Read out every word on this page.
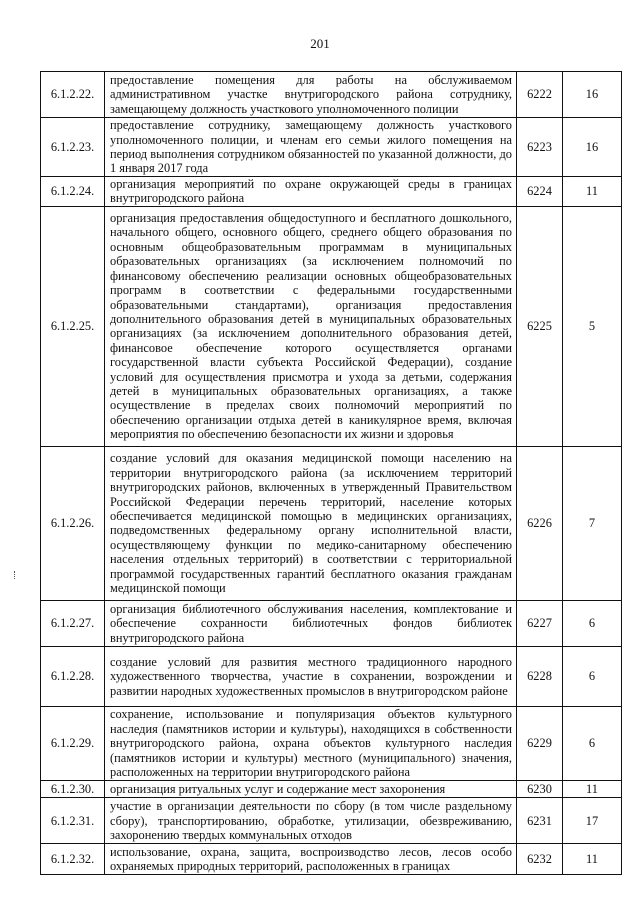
201
6.1.2.22.	предоставление помещения для работы на обслуживаемом административном участке внутригородского района сотруднику, замещающему должность участкового уполномоченного полиции	6222	16
6.1.2.23.	предоставление сотруднику, замещающему должность участкового уполномоченного полиции, и членам его семьи жилого помещения на период выполнения сотрудником обязанностей по указанной должности, до 1 января 2017 года	6223	16
6.1.2.24.	организация мероприятий по охране окружающей среды в границах внутригородского района	6224	11
6.1.2.25.	организация предоставления общедоступного и бесплатного дошкольного, начального общего, основного общего, среднего общего образования по основным общеобразовательным программам в муниципальных образовательных организациях (за исключением полномочий по финансовому обеспечению реализации основных общеобразовательных программ в соответствии с федеральными государственными образовательными стандартами), организация предоставления дополнительного образования детей в муниципальных образовательных организациях (за исключением дополнительного образования детей, финансовое обеспечение которого осуществляется органами государственной власти субъекта Российской Федерации), создание условий для осуществления присмотра и ухода за детьми, содержания детей в муниципальных образовательных организациях, а также осуществление в пределах своих полномочий мероприятий по обеспечению организации отдыха детей в каникулярное время, включая мероприятия по обеспечению безопасности их жизни и здоровья	6225	5
6.1.2.26.	создание условий для оказания медицинской помощи населению на территории внутригородского района (за исключением территорий внутригородских районов, включенных в утвержденный Правительством Российской Федерации перечень территорий, население которых обеспечивается медицинской помощью в медицинских организациях, подведомственных федеральному органу исполнительной власти, осуществляющему функции по медико-санитарному обеспечению населения отдельных территорий) в соответствии с территориальной программой государственных гарантий бесплатного оказания гражданам медицинской помощи	6226	7
6.1.2.27.	организация библиотечного обслуживания населения, комплектование и обеспечение сохранности библиотечных фондов библиотек внутригородского района	6227	6
6.1.2.28.	создание условий для развития местного традиционного народного художественного творчества, участие в сохранении, возрождении и развитии народных художественных промыслов в внутригородском районе	6228	6
6.1.2.29.	сохранение, использование и популяризация объектов культурного наследия (памятников истории и культуры), находящихся в собственности внутригородского района, охрана объектов культурного наследия (памятников истории и культуры) местного (муниципального) значения, расположенных на территории внутригородского района	6229	6
6.1.2.30.	организация ритуальных услуг и содержание мест захоронения	6230	11
6.1.2.31.	участие в организации деятельности по сбору (в том числе раздельному сбору), транспортированию, обработке, утилизации, обезвреживанию, захоронению твердых коммунальных отходов	6231	17
6.1.2.32.	использование, охрана, защита, воспроизводство лесов, лесов особо охраняемых природных территорий, расположенных в границах	6232	11
